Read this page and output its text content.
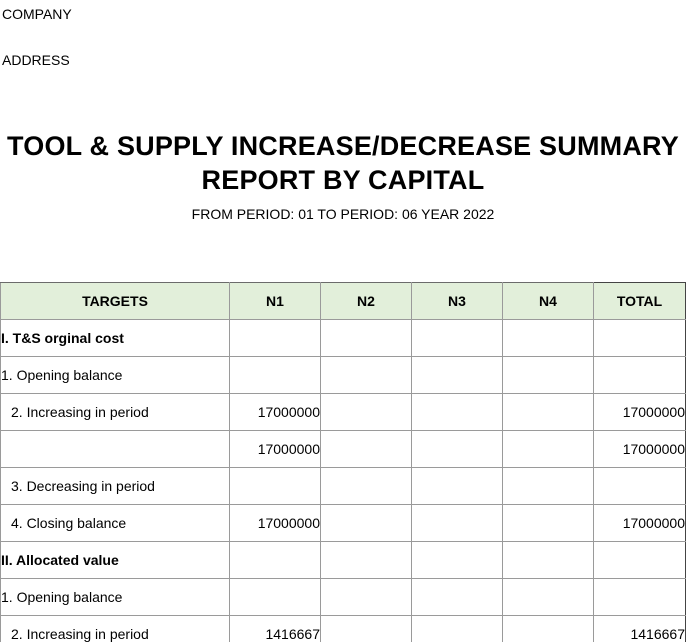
COMPANY
ADDRESS
TOOL & SUPPLY INCREASE/DECREASE SUMMARY
REPORT BY CAPITAL
FROM PERIOD: 01 TO PERIOD: 06 YEAR 2022
TARGETS	N1	N2	N3	N4	TOTAL
I. T&S orginal cost					
1. Opening balance					
2. Increasing in period	17000000				17000000
	17000000				17000000
3. Decreasing in period					
4. Closing balance	17000000				17000000
II. Allocated value					
1. Opening balance					
2. Increasing in period	1416667				1416667
